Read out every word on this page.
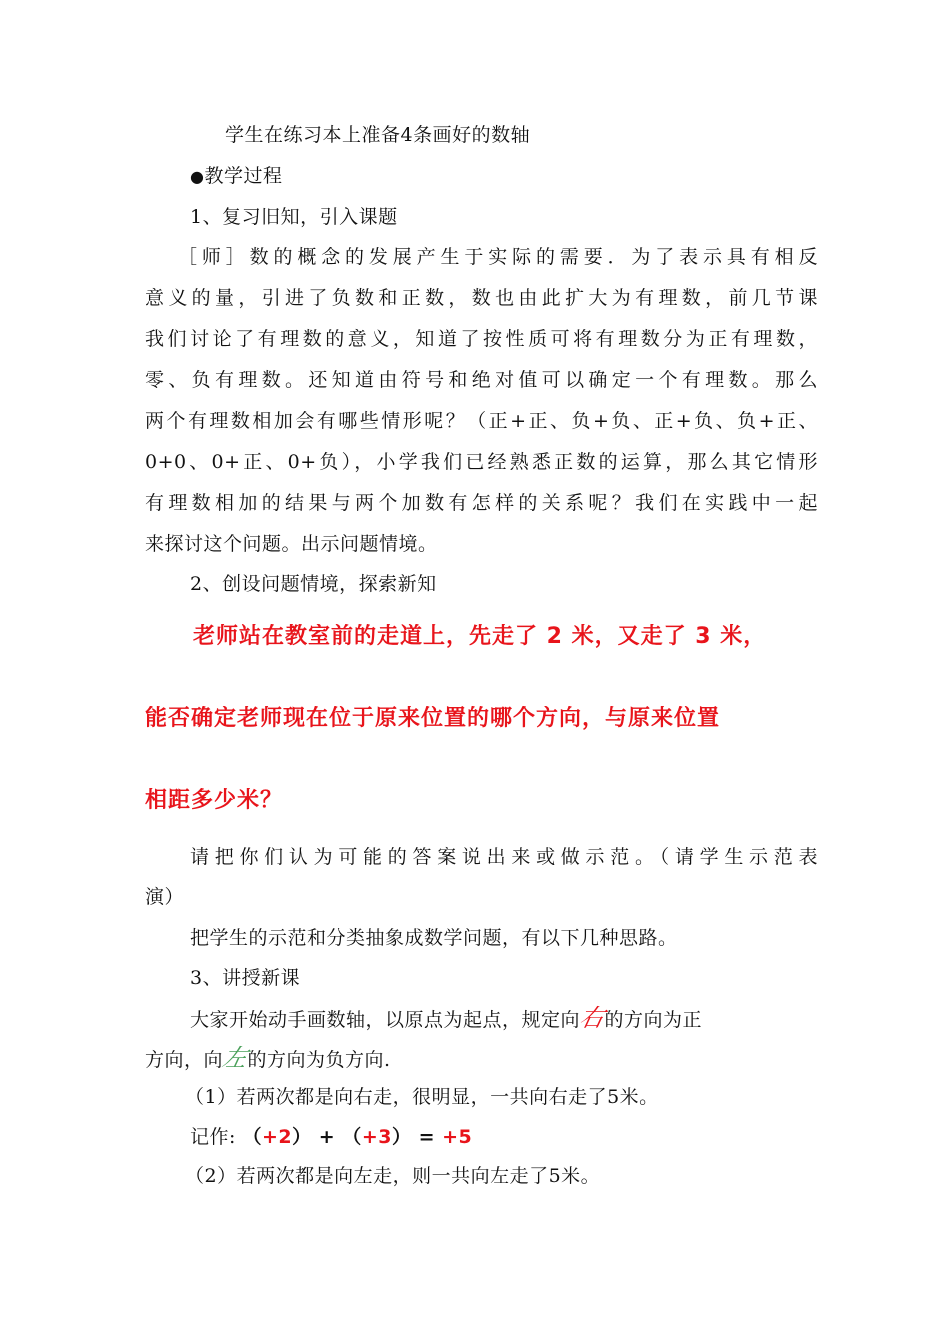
学生在练习本上准备4条画好的数轴
●教学过程
1、复习旧知，引入课题
［师］数的概念的发展产生于实际的需要．为了表示具有相反
意义的量，引进了负数和正数，数也由此扩大为有理数，前几节课
我们讨论了有理数的意义，知道了按性质可将有理数分为正有理数，
零、负有理数。还知道由符号和绝对值可以确定一个有理数。那么
两个有理数相加会有哪些情形呢？（正+正、负+负、正+负、负+正、
0+0、0+正、0+负），小学我们已经熟悉正数的运算，那么其它情形
有理数相加的结果与两个加数有怎样的关系呢？我们在实践中一起
来探讨这个问题。出示问题情境。
2、创设问题情境，探索新知
老师站在教室前的走道上，先走了 2 米，又走了 3 米，
能否确定老师现在位于原来位置的哪个方向，与原来位置
相距多少米？
请把你们认为可能的答案说出来或做示范。（请学生示范表
演）
把学生的示范和分类抽象成数学问题，有以下几种思路。
3、讲授新课
大家开始动手画数轴，以原点为起点，规定向右的方向为正
方向，向左的方向为负方向.
（1）若两次都是向右走，很明显，一共向右走了5米。
记作: （+2） + （+3） = +5
（2）若两次都是向左走，则一共向左走了5米。
